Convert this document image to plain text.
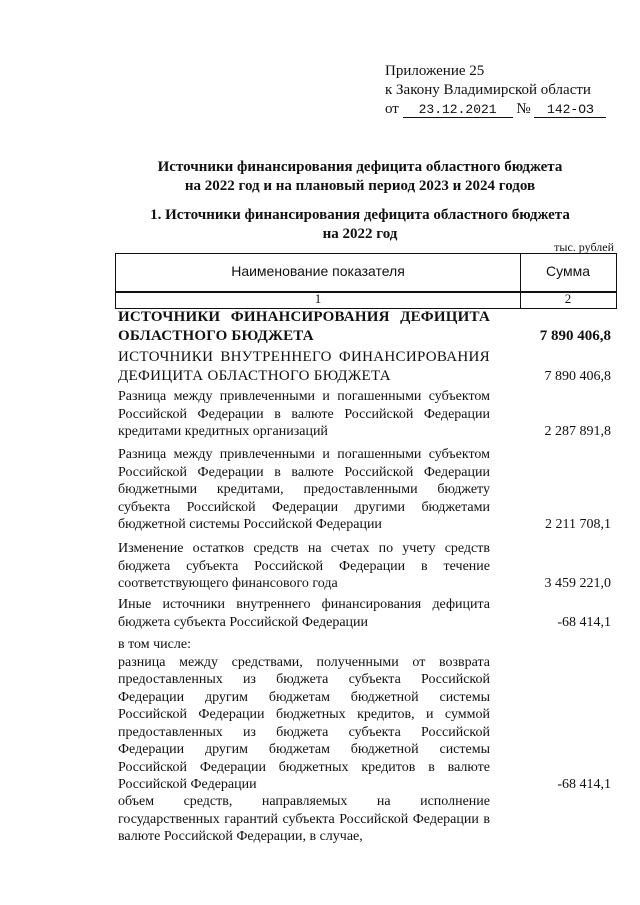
Приложение 25
к Закону Владимирской области
от 23.12.2021 № 142-ОЗ
Источники финансирования дефицита областного бюджета
на 2022 год и на плановый период 2023 и 2024 годов
1. Источники финансирования дефицита областного бюджета
на 2022 год
тыс. рублей
Наименование показателя	Сумма
1	2
ИСТОЧНИКИ ФИНАНСИРОВАНИЯ ДЕФИЦИТА ОБЛАСТНОГО БЮДЖЕТА	7 890 406,8
ИСТОЧНИКИ ВНУТРЕННЕГО ФИНАНСИРОВАНИЯ ДЕФИЦИТА ОБЛАСТНОГО БЮДЖЕТА	7 890 406,8
Разница между привлеченными и погашенными субъектом Российской Федерации в валюте Российской Федерации кредитами кредитных организаций	2 287 891,8
Разница между привлеченными и погашенными субъектом Российской Федерации в валюте Российской Федерации бюджетными кредитами, предоставленными бюджету субъекта Российской Федерации другими бюджетами бюджетной системы Российской Федерации	2 211 708,1
Изменение остатков средств на счетах по учету средств бюджета субъекта Российской Федерации в течение соответствующего финансового года	3 459 221,0
Иные источники внутреннего финансирования дефицита бюджета субъекта Российской Федерации	-68 414,1
в том числе:
разница между средствами, полученными от возврата предоставленных из бюджета субъекта Российской Федерации другим бюджетам бюджетной системы Российской Федерации бюджетных кредитов, и суммой предоставленных из бюджета субъекта Российской Федерации другим бюджетам бюджетной системы Российской Федерации бюджетных кредитов в валюте Российской Федерации	-68 414,1
объем средств, направляемых на исполнение государственных гарантий субъекта Российской Федерации в валюте Российской Федерации, в случае,
